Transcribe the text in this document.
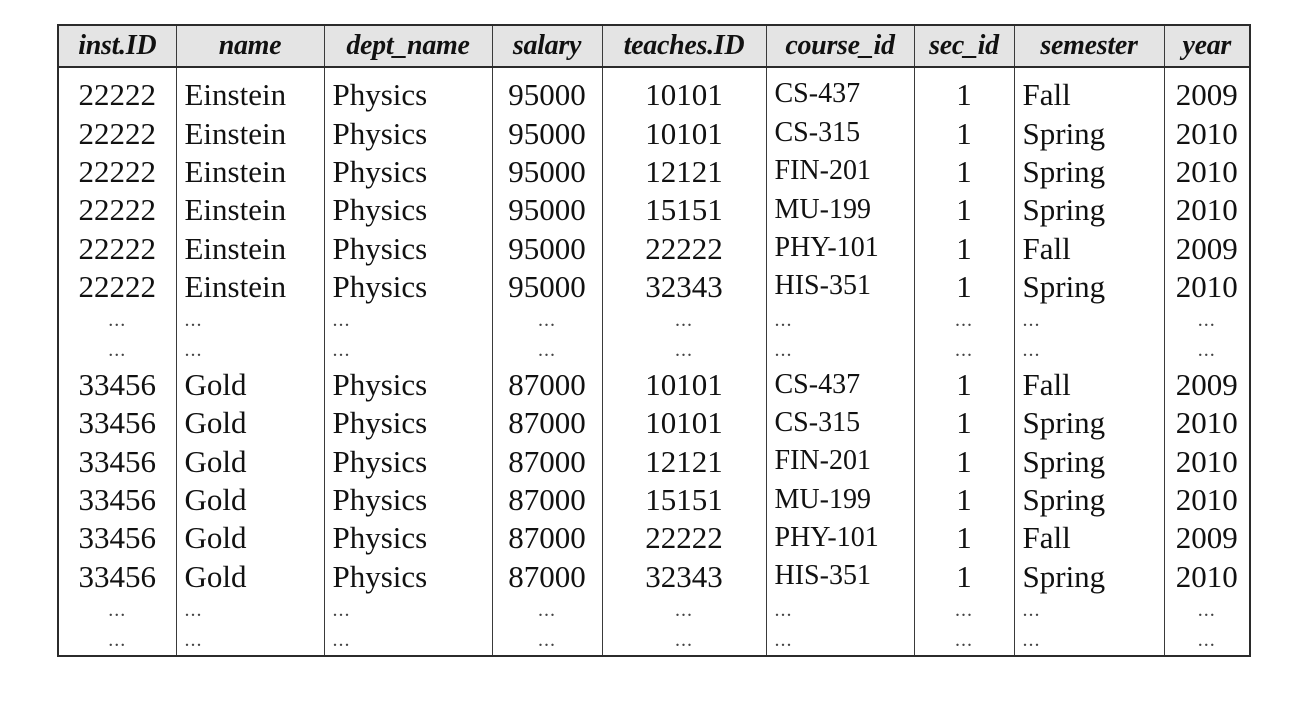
inst.ID	name	dept_name	salary	teaches.ID	course_id	sec_id	semester	year
22222	Einstein	Physics	95000	10101	CS-437	1	Fall	2009
22222	Einstein	Physics	95000	10101	CS-315	1	Spring	2010
22222	Einstein	Physics	95000	12121	FIN-201	1	Spring	2010
22222	Einstein	Physics	95000	15151	MU-199	1	Spring	2010
22222	Einstein	Physics	95000	22222	PHY-101	1	Fall	2009
22222	Einstein	Physics	95000	32343	HIS-351	1	Spring	2010
...	...	...	...	...	...	...	...	...
...	...	...	...	...	...	...	...	...
33456	Gold	Physics	87000	10101	CS-437	1	Fall	2009
33456	Gold	Physics	87000	10101	CS-315	1	Spring	2010
33456	Gold	Physics	87000	12121	FIN-201	1	Spring	2010
33456	Gold	Physics	87000	15151	MU-199	1	Spring	2010
33456	Gold	Physics	87000	22222	PHY-101	1	Fall	2009
33456	Gold	Physics	87000	32343	HIS-351	1	Spring	2010
...	...	...	...	...	...	...	...	...
...	...	...	...	...	...	...	...	...
